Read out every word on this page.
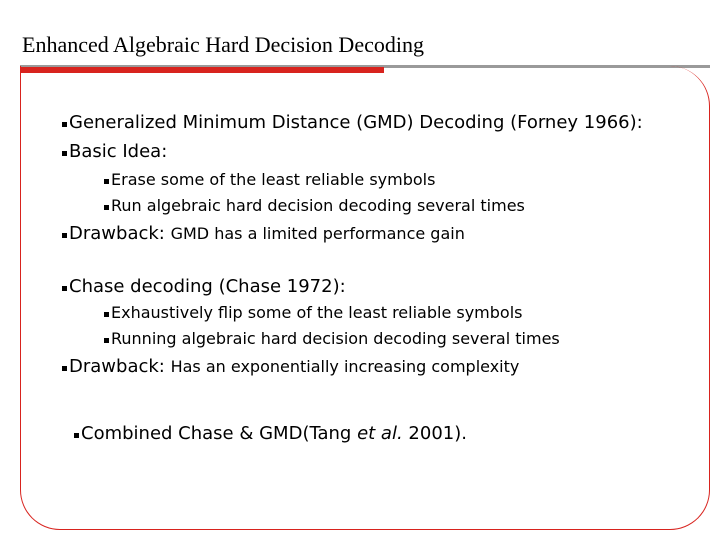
Enhanced Algebraic Hard Decision Decoding
Generalized Minimum Distance (GMD) Decoding (Forney 1966):
Basic Idea:
Erase some of the least reliable symbols
Run algebraic hard decision decoding several times
Drawback: GMD has a limited performance gain
Chase decoding (Chase 1972):
Exhaustively flip some of the least reliable symbols
Running algebraic hard decision decoding several times
Drawback: Has an exponentially increasing complexity
Combined Chase & GMD(Tang et al. 2001).
